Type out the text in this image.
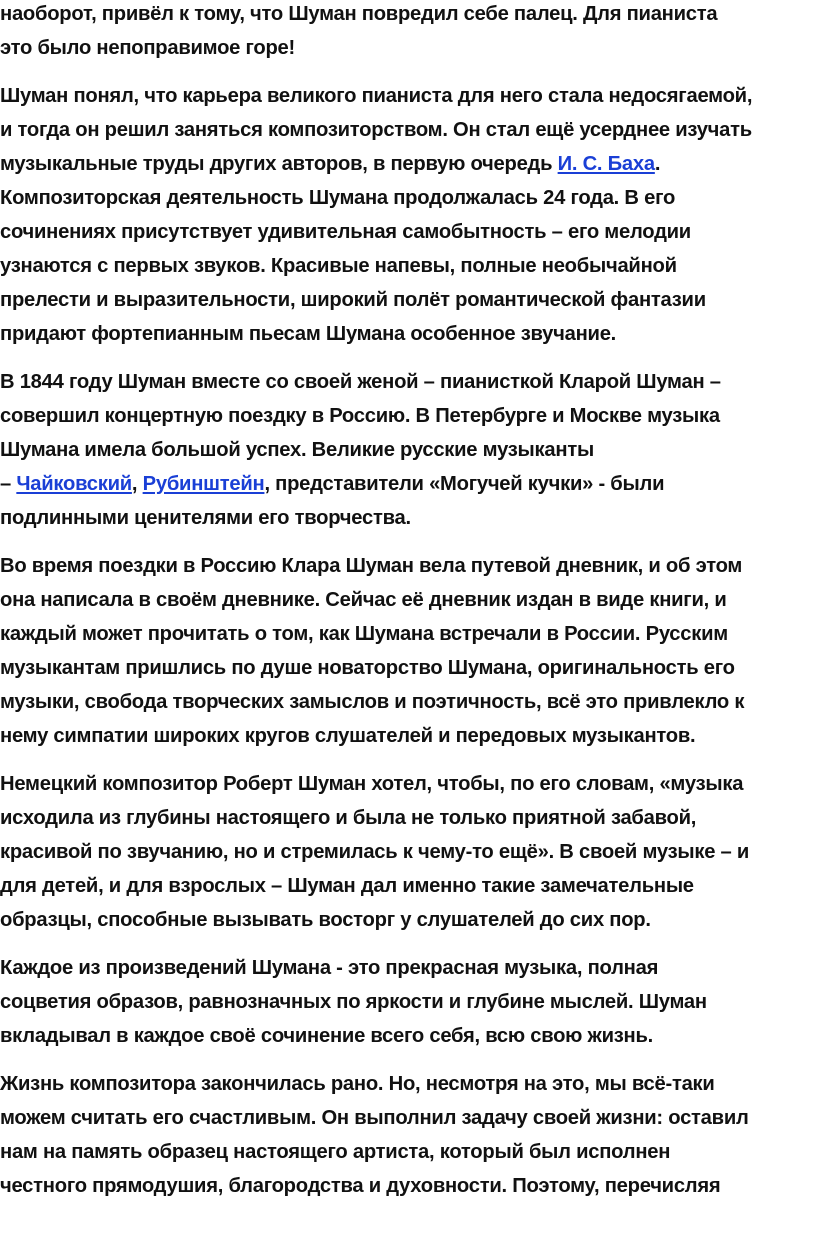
наоборот, привёл к тому, что Шуман повредил себе палец. Для пианиста
это было непоправимое горе!

Шуман понял, что карьера великого пианиста для него стала недосягаемой,
и тогда он решил заняться композиторством. Он стал ещё усерднее изучать
музыкальные труды других авторов, в первую очередь И. С. Баха.
Композиторская деятельность Шумана продолжалась 24 года. В его
сочинениях присутствует удивительная самобытность – его мелодии
узнаются с первых звуков. Красивые напевы, полные необычайной
прелести и выразительности, широкий полёт романтической фантазии
придают фортепианным пьесам Шумана особенное звучание.

В 1844 году Шуман вместе со своей женой – пианисткой Кларой Шуман –
совершил концертную поездку в Россию. В Петербурге и Москве музыка
Шумана имела большой успех. Великие русские музыканты
– Чайковский, Рубинштейн, представители «Могучей кучки» - были
подлинными ценителями его творчества.

Во время поездки в Россию Клара Шуман вела путевой дневник, и об этом
она написала в своём дневнике. Сейчас её дневник издан в виде книги, и
каждый может прочитать о том, как Шумана встречали в России. Русским
музыкантам пришлись по душе новаторство Шумана, оригинальность его
музыки, свобода творческих замыслов и поэтичность, всё это привлекло к
нему симпатии широких кругов слушателей и передовых музыкантов.

Немецкий композитор Роберт Шуман хотел, чтобы, по его словам, «музыка
исходила из глубины настоящего и была не только приятной забавой,
красивой по звучанию, но и стремилась к чему-то ещё». В своей музыке – и
для детей, и для взрослых – Шуман дал именно такие замечательные
образцы, способные вызывать восторг у слушателей до сих пор.

Каждое из произведений Шумана - это прекрасная музыка, полная
соцветия образов, равнозначных по яркости и глубине мыслей. Шуман
вкладывал в каждое своё сочинение всего себя, всю свою жизнь.

Жизнь композитора закончилась рано. Но, несмотря на это, мы всё-таки
можем считать его счастливым. Он выполнил задачу своей жизни: оставил
нам на память образец настоящего артиста, который был исполнен
честного прямодушия, благородства и духовности. Поэтому, перечисляя
